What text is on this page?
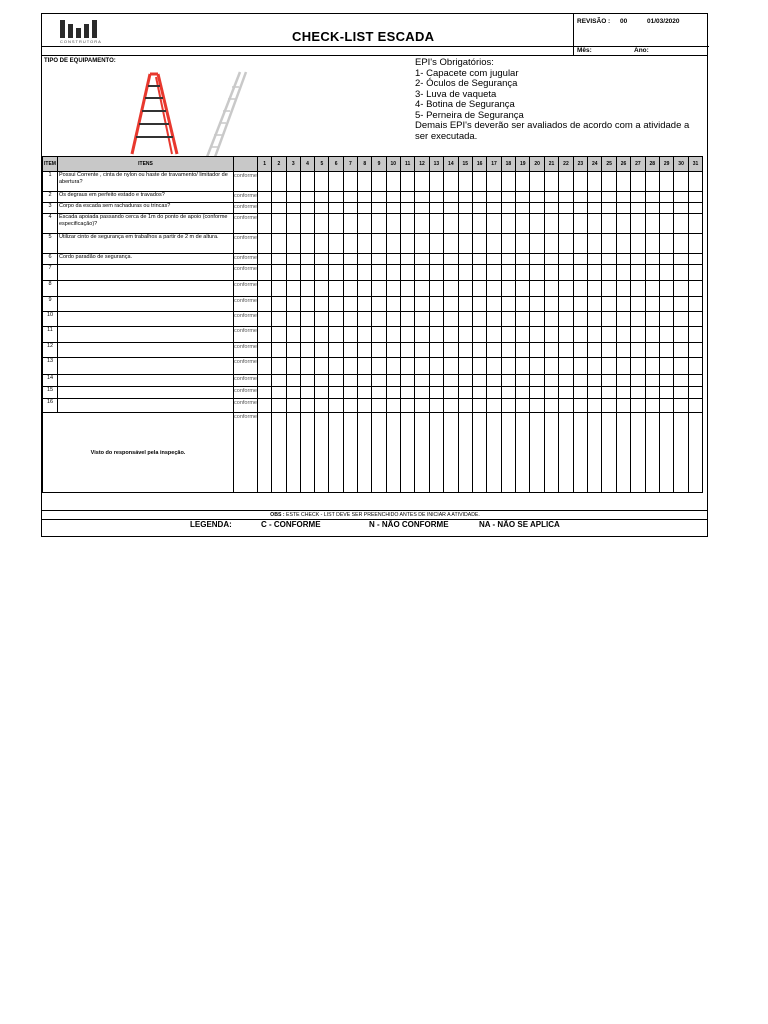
CONSTRUTORA	CHECK-LIST ESCADA
REVISÃO : 00	01/03/2020
Mês:	Ano:
TIPO DE EQUIPAMENTO:	EPI's Obrigatórios:
1- Capacete com jugular
2- Óculos de Segurança
3- Luva de vaqueta
4- Botina de Segurança
5- Perneira de Segurança
Demais EPI's deverão ser avaliados de acordo com a atividade a
ser executada.
ITEM	ITENS		1	2	3	4	5	6	7	8	9	10	11	12	13	14	15	16	17	18	19	20	21	22	23	24	25	26	27	28	29	30	31
1	Possui Corrente , cinta de nylon ou haste de travamento/ limitador de abertura?	conforme																															
2	Os degraus em perfeito estado e travados?	conforme																															
3	Corpo da escada sem rachaduras ou trincas?	conforme																															
4	Escada apoiada passando cerca de 1m do ponto de apoio (conforme especificação)?	conforme																															
5	Utilizar cinto de segurança em trabalhos a partir de 2 m de altura.	conforme																															
6	Cordo paradão de segurança.	conforme																															
7		conforme																															
8		conforme																															
9		conforme																															
10		conforme																															
11		conforme																															
12		conforme																															
13		conforme																															
14		conforme																															
15		conforme																															
16		conforme																															
Visto do responsável pela inspeção.		conforme																															
OBS : ESTE CHECK - LIST DEVE SER PREENCHIDO ANTES DE INICIAR A ATIVIDADE.
LEGENDA:	C - CONFORME	N - NÃO CONFORME	NA - NÃO SE APLICA
